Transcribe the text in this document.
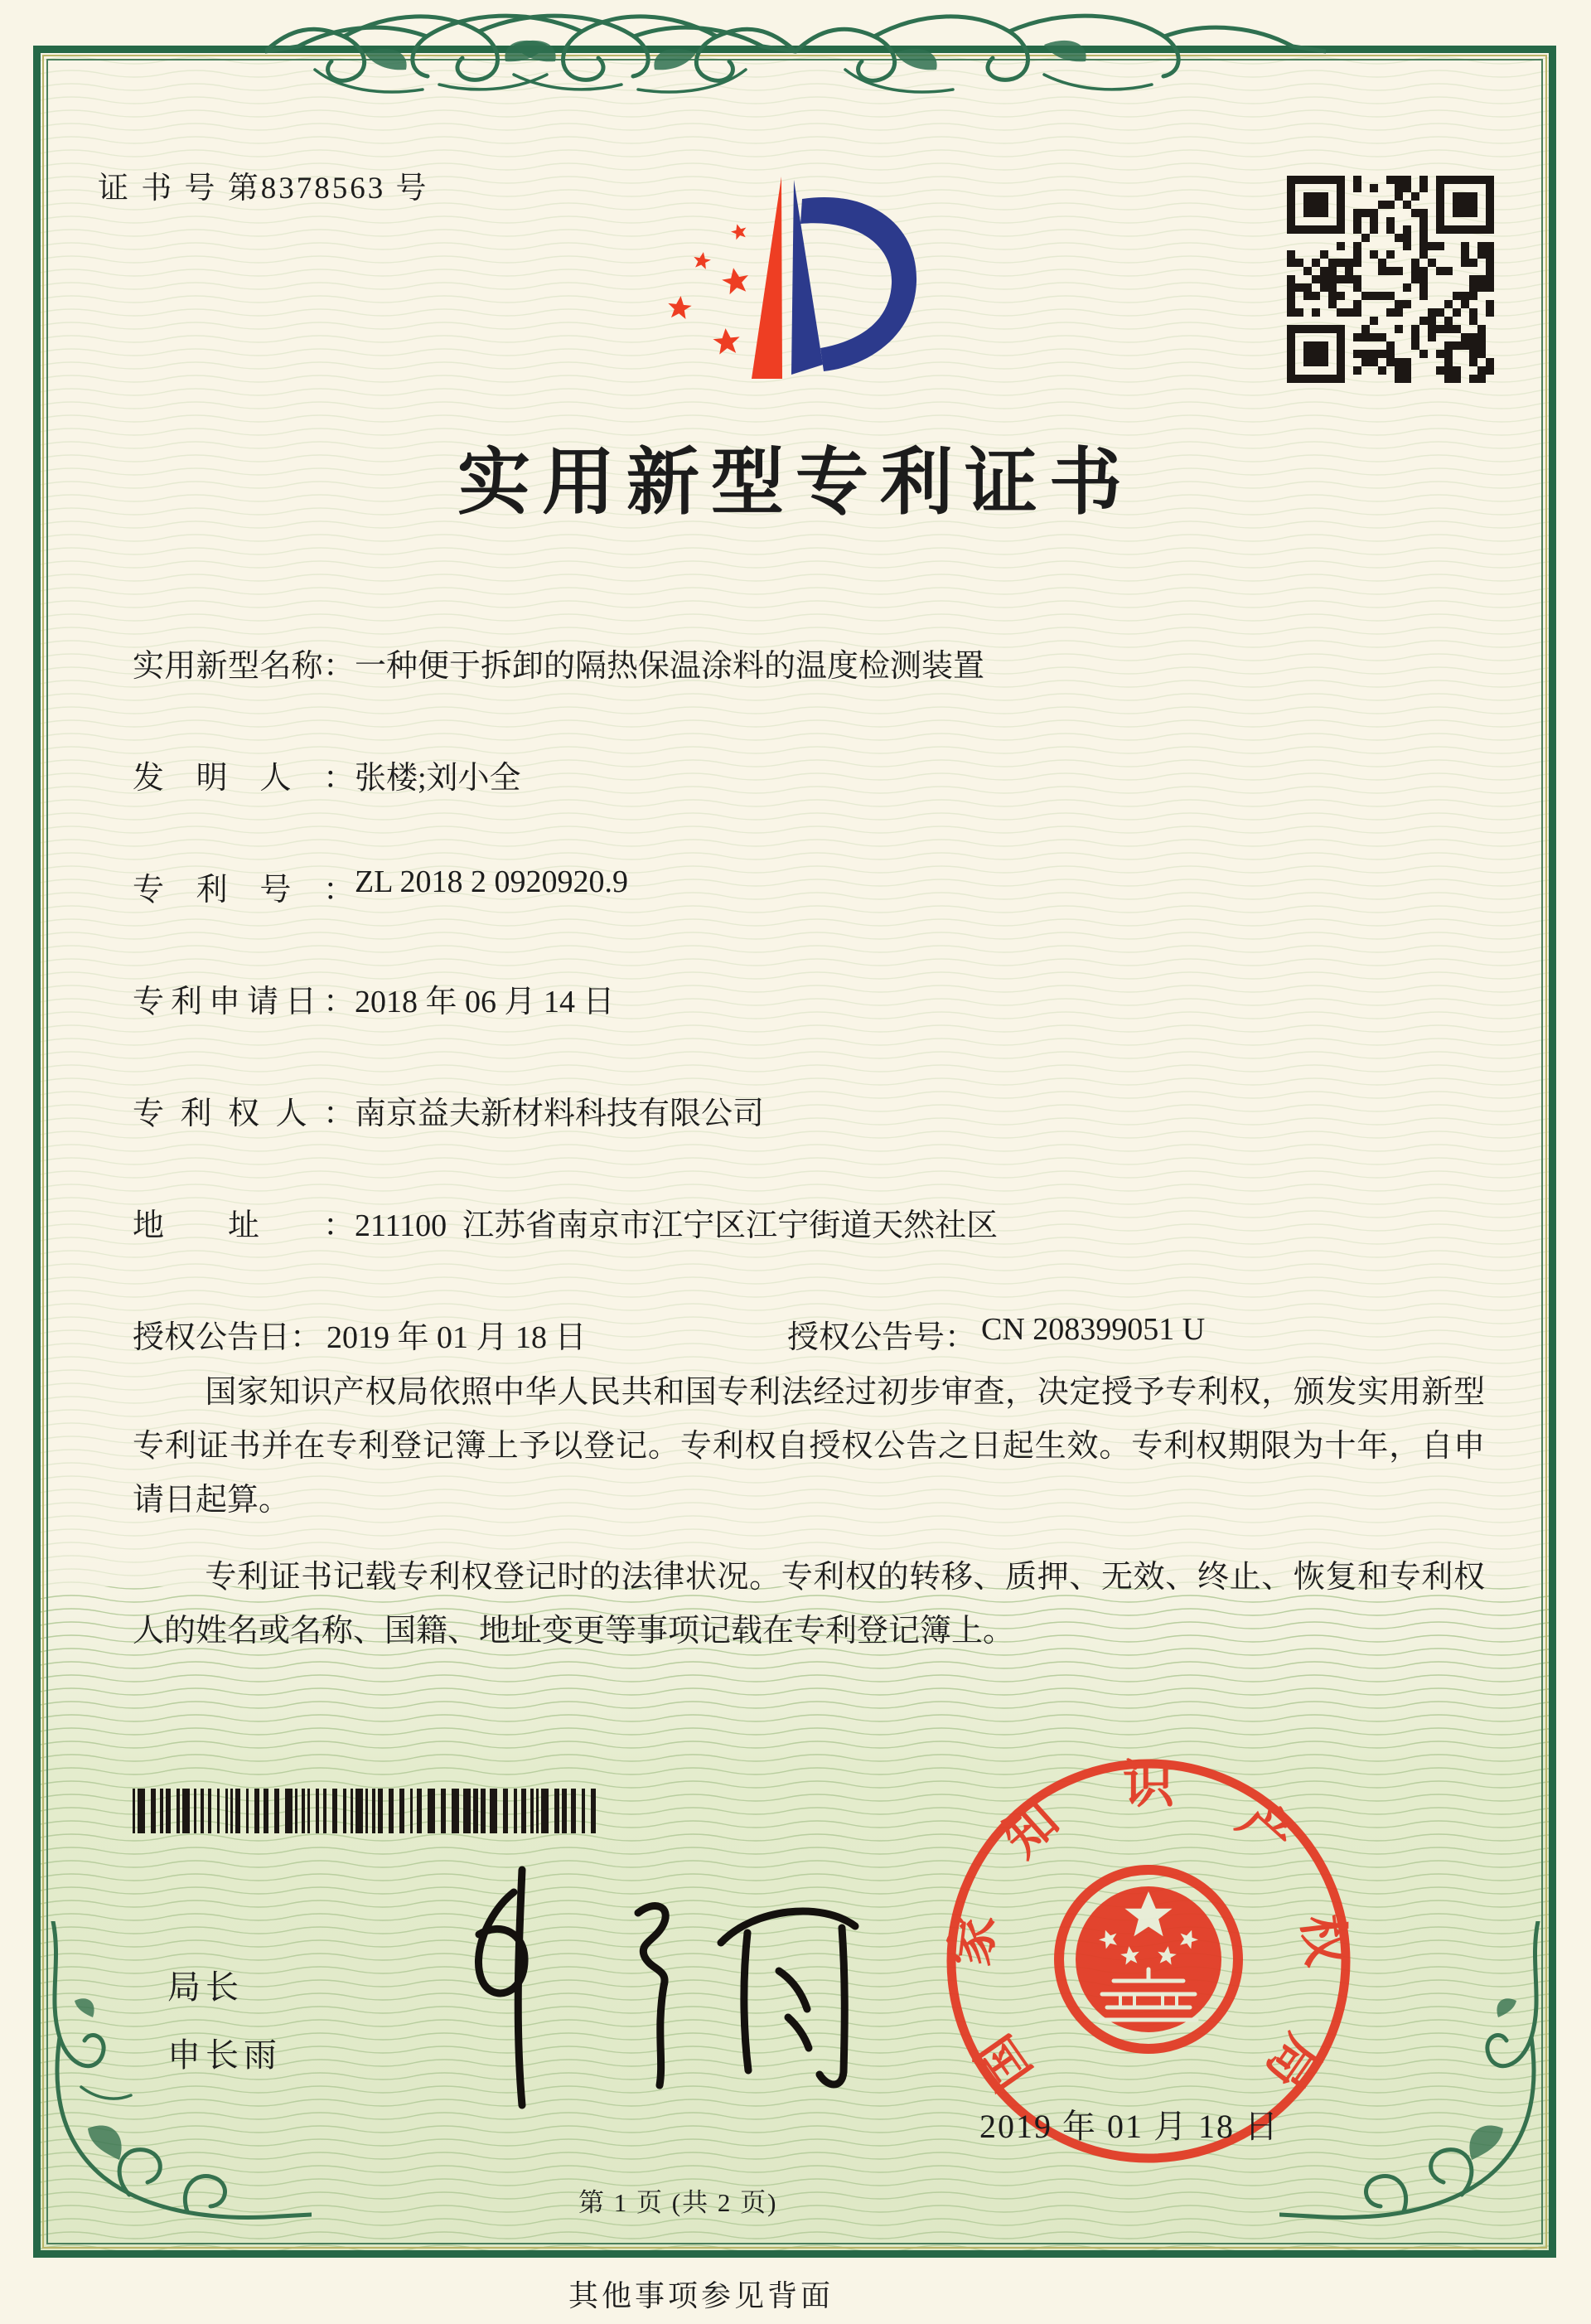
证 书 号 第8378563 号
实用新型专利证书
实用新型名称： 一种便于拆卸的隔热保温涂料的温度检测装置
发明人： 张楼;刘小全
专利号： ZL 2018 2 0920920.9
专利申请日： 2018 年 06 月 14 日
专利权人： 南京益夫新材料科技有限公司
地址： 211100  江苏省南京市江宁区江宁街道天然社区
授权公告日： 2019 年 01 月 18 日	授权公告号： CN 208399051 U

国家知识产权局依照中华人民共和国专利法经过初步审查，决定授予专利权，颁发实用新型专利证书并在专利登记簿上予以登记。专利权自授权公告之日起生效。专利权期限为十年，自申请日起算。

专利证书记载专利权登记时的法律状况。专利权的转移、质押、无效、终止、恢复和专利权人的姓名或名称、国籍、地址变更等事项记载在专利登记簿上。

局长
申长雨	国
家
知
识
产
权
局
2019 年 01 月 18 日
第 1 页 (共 2 页)
其他事项参见背面
